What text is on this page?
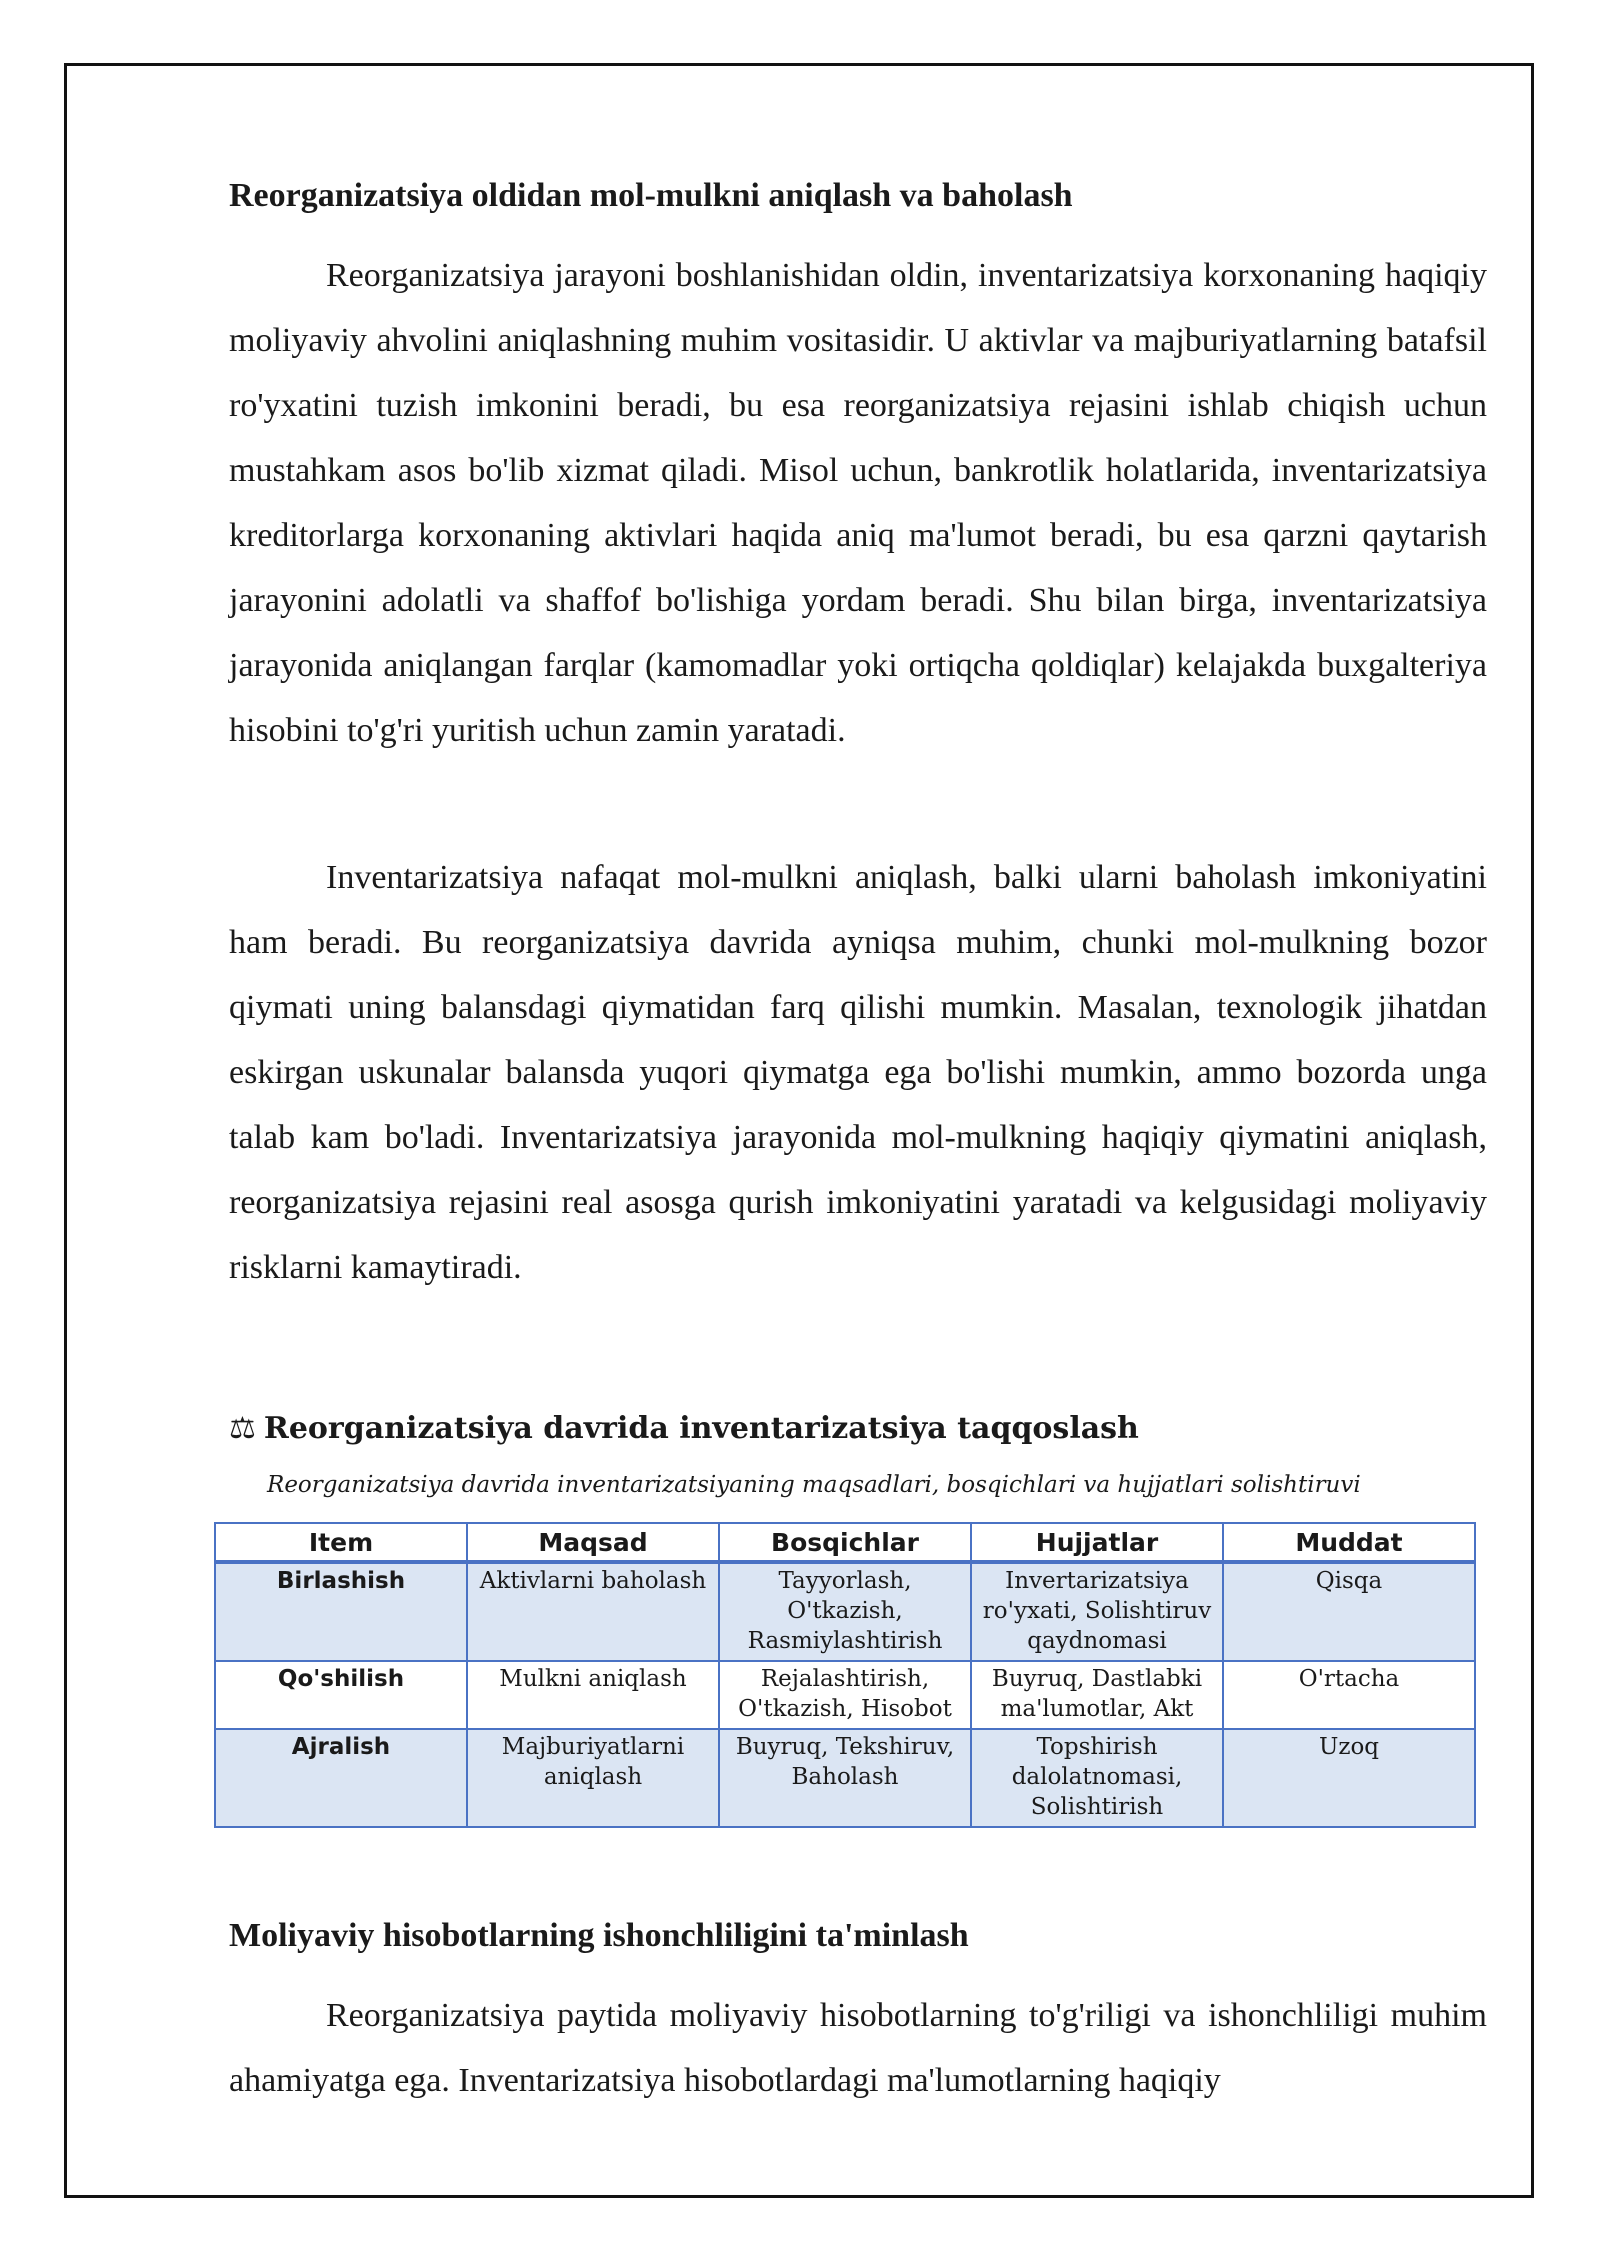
Reorganizatsiya oldidan mol-mulkni aniqlash va baholash

Reorganizatsiya jarayoni boshlanishidan oldin, inventarizatsiya korxonaning haqiqiy moliyaviy ahvolini aniqlashning muhim vositasidir. U aktivlar va majburiyatlarning batafsil ro'yxatini tuzish imkonini beradi, bu esa reorganizatsiya rejasini ishlab chiqish uchun mustahkam asos bo'lib xizmat qiladi. Misol uchun, bankrotlik holatlarida, inventarizatsiya kreditorlarga korxonaning aktivlari haqida aniq ma'lumot beradi, bu esa qarzni qaytarish jarayonini adolatli va shaffof bo'lishiga yordam beradi. Shu bilan birga, inventarizatsiya jarayonida aniqlangan farqlar (kamomadlar yoki ortiqcha qoldiqlar) kelajakda buxgalteriya hisobini to'g'ri yuritish uchun zamin yaratadi.

Inventarizatsiya nafaqat mol-mulkni aniqlash, balki ularni baholash imkoniyatini ham beradi. Bu reorganizatsiya davrida ayniqsa muhim, chunki mol-mulkning bozor qiymati uning balansdagi qiymatidan farq qilishi mumkin. Masalan, texnologik jihatdan eskirgan uskunalar balansda yuqori qiymatga ega bo'lishi mumkin, ammo bozorda unga talab kam bo'ladi. Inventarizatsiya jarayonida mol-mulkning haqiqiy qiymatini aniqlash, reorganizatsiya rejasini real asosga qurish imkoniyatini yaratadi va kelgusidagi moliyaviy risklarni kamaytiradi.

⚖ Reorganizatsiya davrida inventarizatsiya taqqoslash
Reorganizatsiya davrida inventarizatsiyaning maqsadlari, bosqichlari va hujjatlari solishtiruvi
Item	Maqsad	Bosqichlar	Hujjatlar	Muddat
Birlashish	Aktivlarni baholash	Tayyorlash, O'tkazish, Rasmiylashtirish	Invertarizatsiya ro'yxati, Solishtiruv qaydnomasi	Qisqa
Qo'shilish	Mulkni aniqlash	Rejalashtirish, O'tkazish, Hisobot	Buyruq, Dastlabki ma'lumotlar, Akt	O'rtacha
Ajralish	Majburiyatlarni aniqlash	Buyruq, Tekshiruv, Baholash	Topshirish dalolatnomasi, Solishtirish	Uzoq
Moliyaviy hisobotlarning ishonchliligini ta'minlash

Reorganizatsiya paytida moliyaviy hisobotlarning to'g'riligi va ishonchliligi muhim ahamiyatga ega. Inventarizatsiya hisobotlardagi ma'lumotlarning haqiqiy
